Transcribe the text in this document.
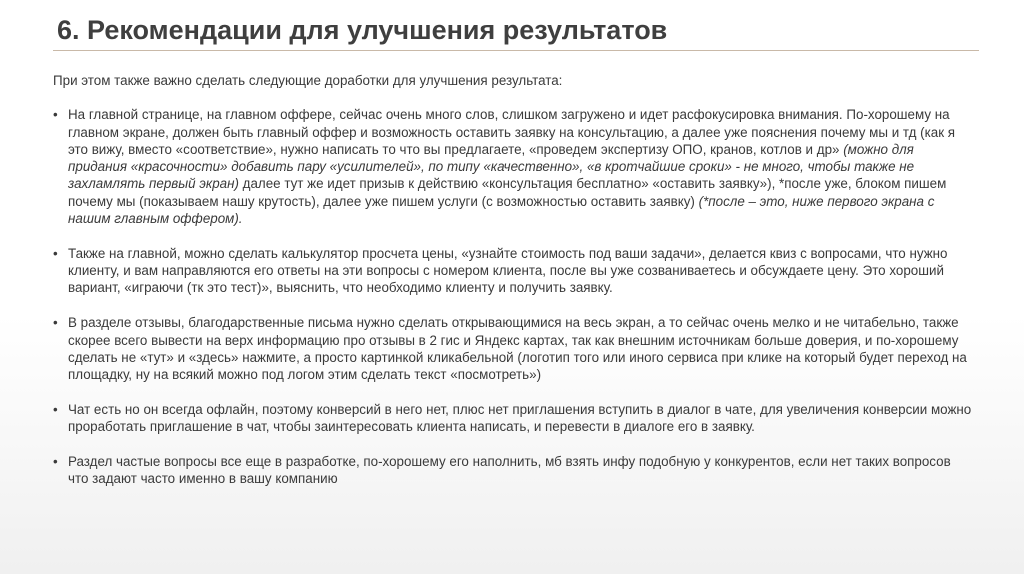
6. Рекомендации для улучшения результатов

При этом также важно сделать следующие доработки для улучшения результата:

• На главной странице, на главном оффере, сейчас очень много слов, слишком загружено и идет расфокусировка внимания. По-хорошему на главном экране, должен быть главный оффер и возможность оставить заявку на консультацию, а далее уже пояснения почему мы и тд (как я это вижу, вместо «соответствие», нужно написать то что вы предлагаете, «проведем экспертизу ОПО, кранов, котлов и др» (можно для придания «красочности» добавить пару «усилителей», по типу «качественно», «в кротчайшие сроки» - не много, чтобы также не захламлять первый экран) далее тут же идет призыв к действию «консультация бесплатно» «оставить заявку»), *после уже, блоком пишем почему мы (показываем нашу крутость), далее уже пишем услуги (с возможностью оставить заявку) (*после – это, ниже первого экрана с нашим главным оффером).
• Также на главной, можно сделать калькулятор просчета цены, «узнайте стоимость под ваши задачи», делается квиз с вопросами, что нужно клиенту, и вам направляются его ответы на эти вопросы с номером клиента, после вы уже созваниваетесь и обсуждаете цену. Это хороший вариант, «играючи (тк это тест)», выяснить, что необходимо клиенту и получить заявку.
• В разделе отзывы, благодарственные письма нужно сделать открывающимися на весь экран, а то сейчас очень мелко и не читабельно, также скорее всего вывести на верх информацию про отзывы в 2 гис и Яндекс картах, так как внешним источникам больше доверия, и по-хорошему сделать не «тут» и «здесь» нажмите, а просто картинкой кликабельной (логотип того или иного сервиса при клике на который будет переход на площадку, ну на всякий можно под логом этим сделать текст «посмотреть»)
• Чат есть но он всегда офлайн, поэтому конверсий в него нет, плюс нет приглашения вступить в диалог в чате, для увеличения конверсии можно проработать приглашение в чат, чтобы заинтересовать клиента написать, и перевести в диалоге его в заявку.
• Раздел частые вопросы все еще в разработке, по-хорошему его наполнить, мб взять инфу подобную у конкурентов, если нет таких вопросов что задают часто именно в вашу компанию
